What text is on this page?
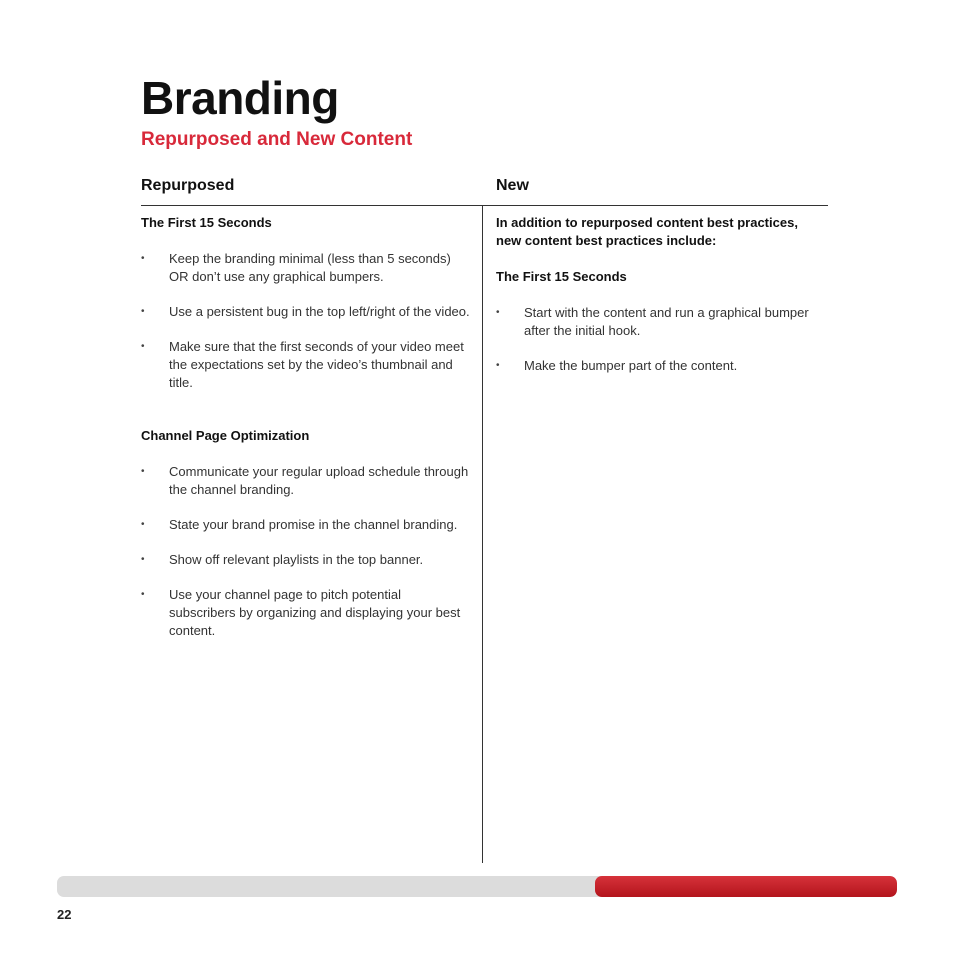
Branding
Repurposed and New Content
Repurposed	New

The First 15 Seconds

• Keep the branding minimal (less than 5 seconds) OR don’t use any graphical bumpers.
• Use a persistent bug in the top left/right of the video.
• Make sure that the first seconds of your video meet the expectations set by the video’s thumbnail and title.

Channel Page Optimization

• Communicate your regular upload schedule through the channel branding.
• State your brand promise in the channel branding.
• Show off relevant playlists in the top banner.
• Use your channel page to pitch potential subscribers by organizing and displaying your best content.

In addition to repurposed content best practices, new content best practices include:

The First 15 Seconds

• Start with the content and run a graphical bumper after the initial hook.
• Make the bumper part of the content.
22
